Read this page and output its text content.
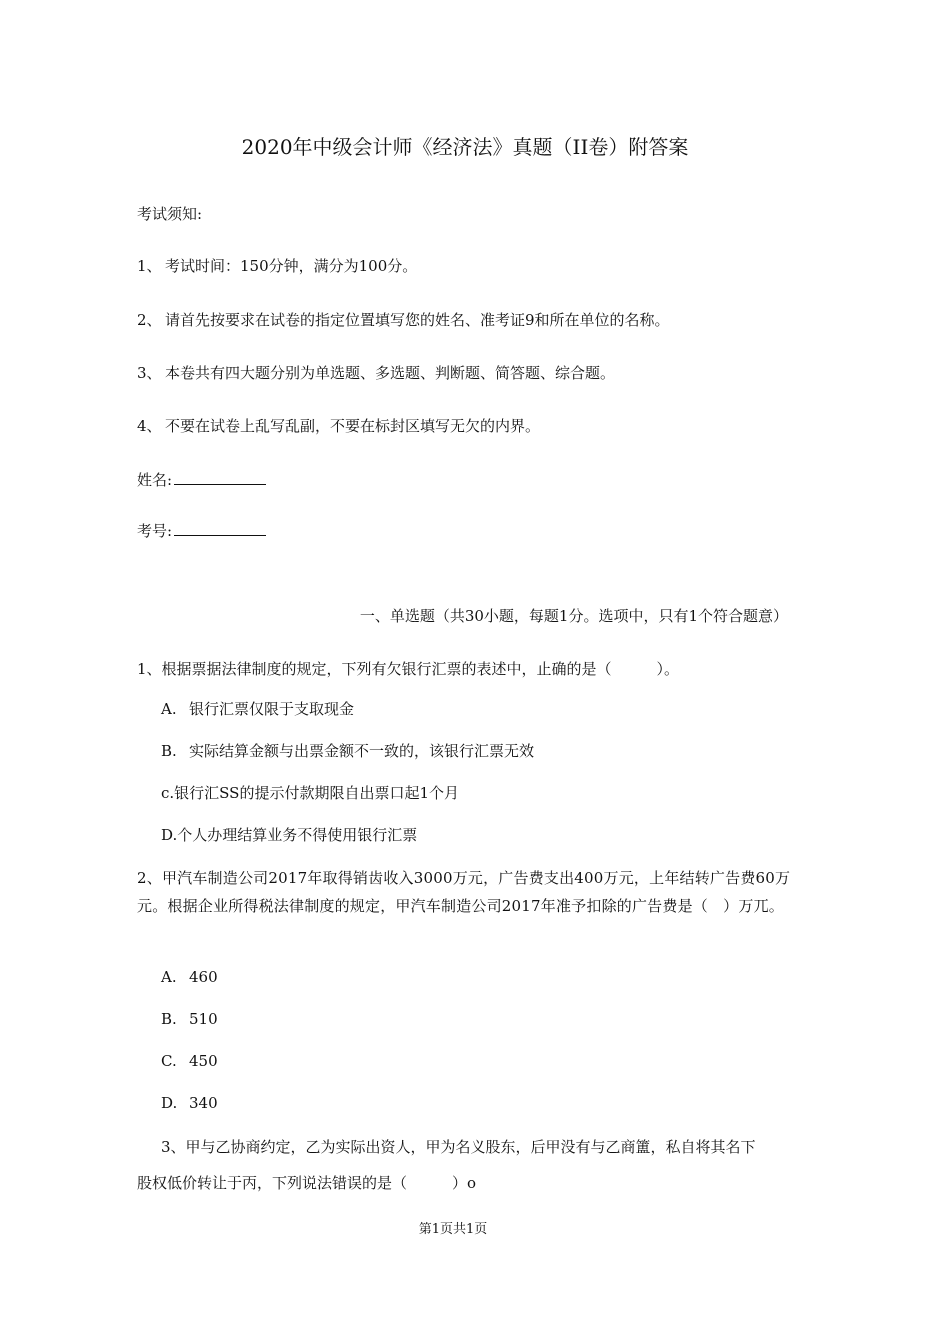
2020年中级会计师《经济法》真题（II卷）附答案
考试须知:
1、 考试时间：150分钟，满分为100分。
2、 请首先按要求在试卷的指定位置填写您的姓名、准考证9和所在单位的名称。
3、 本卷共有四大题分别为单选题、多选题、判断题、简答题、综合题。
4、 不要在试卷上乱写乱副，不要在标封区填写无欠的内界。
姓名:
考号:
一、单选题（共30小题，每题1分。选项中，只有1个符合题意）
1、根据票据法律制度的规定，下列有欠银行汇票的表述中，止确的是（　　　）。
A. 银行汇票仅限于支取现金
B. 实际结算金额与出票金额不一致的，该银行汇票无效
c.银行汇SS的提示付款期限自出票口起1个月
D.个人办理结算业务不得使用银行汇票
2、甲汽车制造公司2017年取得销齿收入3000万元，广告费支出400万元，上年结转广告费60万元。根据企业所得税法律制度的规定，甲汽车制造公司2017年准予扣除的广告费是（　）万兀。
A. 460
B. 510
C. 450
D. 340
3、甲与乙协商约定，乙为实际出资人，甲为名义股东，后甲没有与乙商簠，私自将其名下
股权低价转让于丙，下列说法错误的是（　　　）o
第1页共1页
